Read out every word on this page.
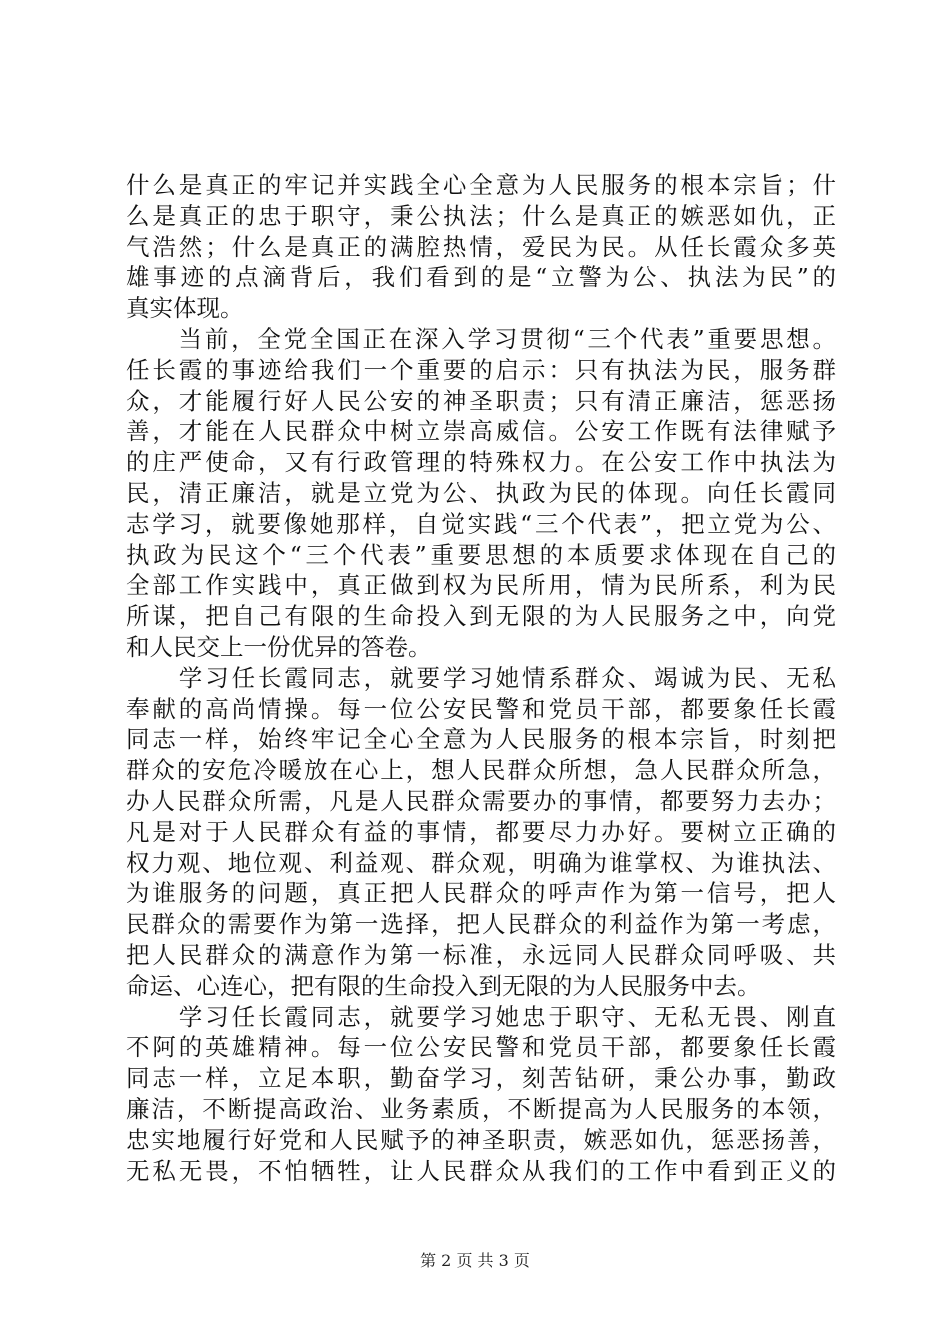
什么是真正的牢记并实践全心全意为人民服务的根本宗旨；什
么是真正的忠于职守，秉公执法；什么是真正的嫉恶如仇，正
气浩然；什么是真正的满腔热情，爱民为民。从任长霞众多英
雄事迹的点滴背后，我们看到的是“立警为公、执法为民”的
真实体现。
　　当前，全党全国正在深入学习贯彻“三个代表”重要思想。
任长霞的事迹给我们一个重要的启示：只有执法为民，服务群
众，才能履行好人民公安的神圣职责；只有清正廉洁，惩恶扬
善，才能在人民群众中树立崇高威信。公安工作既有法律赋予
的庄严使命，又有行政管理的特殊权力。在公安工作中执法为
民，清正廉洁，就是立党为公、执政为民的体现。向任长霞同
志学习，就要像她那样，自觉实践“三个代表”，把立党为公、
执政为民这个“三个代表”重要思想的本质要求体现在自己的
全部工作实践中，真正做到权为民所用，情为民所系，利为民
所谋，把自己有限的生命投入到无限的为人民服务之中，向党
和人民交上一份优异的答卷。
　　学习任长霞同志，就要学习她情系群众、竭诚为民、无私
奉献的高尚情操。每一位公安民警和党员干部，都要象任长霞
同志一样，始终牢记全心全意为人民服务的根本宗旨，时刻把
群众的安危冷暖放在心上，想人民群众所想，急人民群众所急，
办人民群众所需，凡是人民群众需要办的事情，都要努力去办；
凡是对于人民群众有益的事情，都要尽力办好。要树立正确的
权力观、地位观、利益观、群众观，明确为谁掌权、为谁执法、
为谁服务的问题，真正把人民群众的呼声作为第一信号，把人
民群众的需要作为第一选择，把人民群众的利益作为第一考虑，
把人民群众的满意作为第一标准，永远同人民群众同呼吸、共
命运、心连心，把有限的生命投入到无限的为人民服务中去。
　　学习任长霞同志，就要学习她忠于职守、无私无畏、刚直
不阿的英雄精神。每一位公安民警和党员干部，都要象任长霞
同志一样，立足本职，勤奋学习，刻苦钻研，秉公办事，勤政
廉洁，不断提高政治、业务素质，不断提高为人民服务的本领，
忠实地履行好党和人民赋予的神圣职责，嫉恶如仇，惩恶扬善，
无私无畏，不怕牺牲，让人民群众从我们的工作中看到正义的
第 2 页 共 3 页
